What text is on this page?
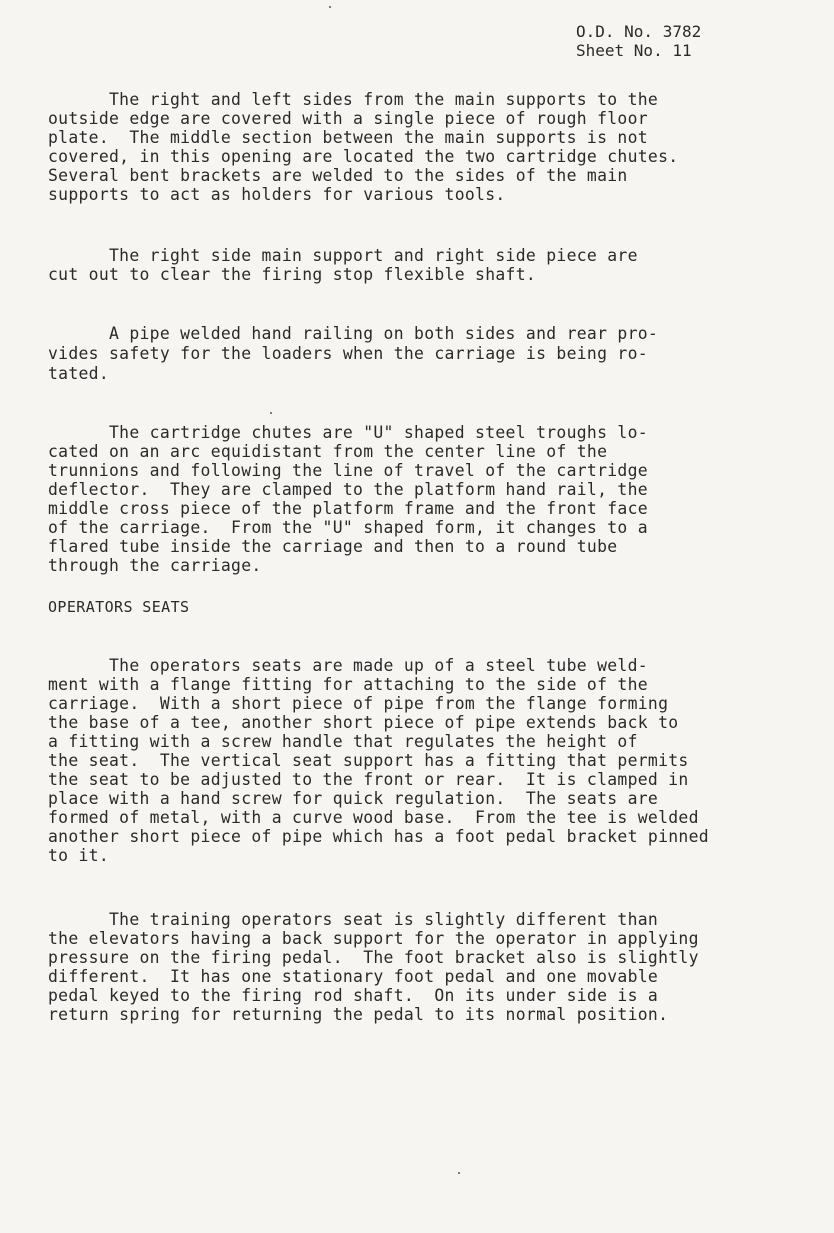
O.D. No. 3782
Sheet No. 11
The right and left sides from the main supports to the
outside edge are covered with a single piece of rough floor
plate.  The middle section between the main supports is not
covered, in this opening are located the two cartridge chutes.
Several bent brackets are welded to the sides of the main
supports to act as holders for various tools.
The right side main support and right side piece are
cut out to clear the firing stop flexible shaft.
A pipe welded hand railing on both sides and rear pro-
vides safety for the loaders when the carriage is being ro-
tated.
The cartridge chutes are "U" shaped steel troughs lo-
cated on an arc equidistant from the center line of the
trunnions and following the line of travel of the cartridge
deflector.  They are clamped to the platform hand rail, the
middle cross piece of the platform frame and the front face
of the carriage.  From the "U" shaped form, it changes to a
flared tube inside the carriage and then to a round tube
through the carriage.
OPERATORS SEATS
The operators seats are made up of a steel tube weld-
ment with a flange fitting for attaching to the side of the
carriage.  With a short piece of pipe from the flange forming
the base of a tee, another short piece of pipe extends back to
a fitting with a screw handle that regulates the height of
the seat.  The vertical seat support has a fitting that permits
the seat to be adjusted to the front or rear.  It is clamped in
place with a hand screw for quick regulation.  The seats are
formed of metal, with a curve wood base.  From the tee is welded
another short piece of pipe which has a foot pedal bracket pinned
to it.
The training operators seat is slightly different than
the elevators having a back support for the operator in applying
pressure on the firing pedal.  The foot bracket also is slightly
different.  It has one stationary foot pedal and one movable
pedal keyed to the firing rod shaft.  On its under side is a
return spring for returning the pedal to its normal position.
